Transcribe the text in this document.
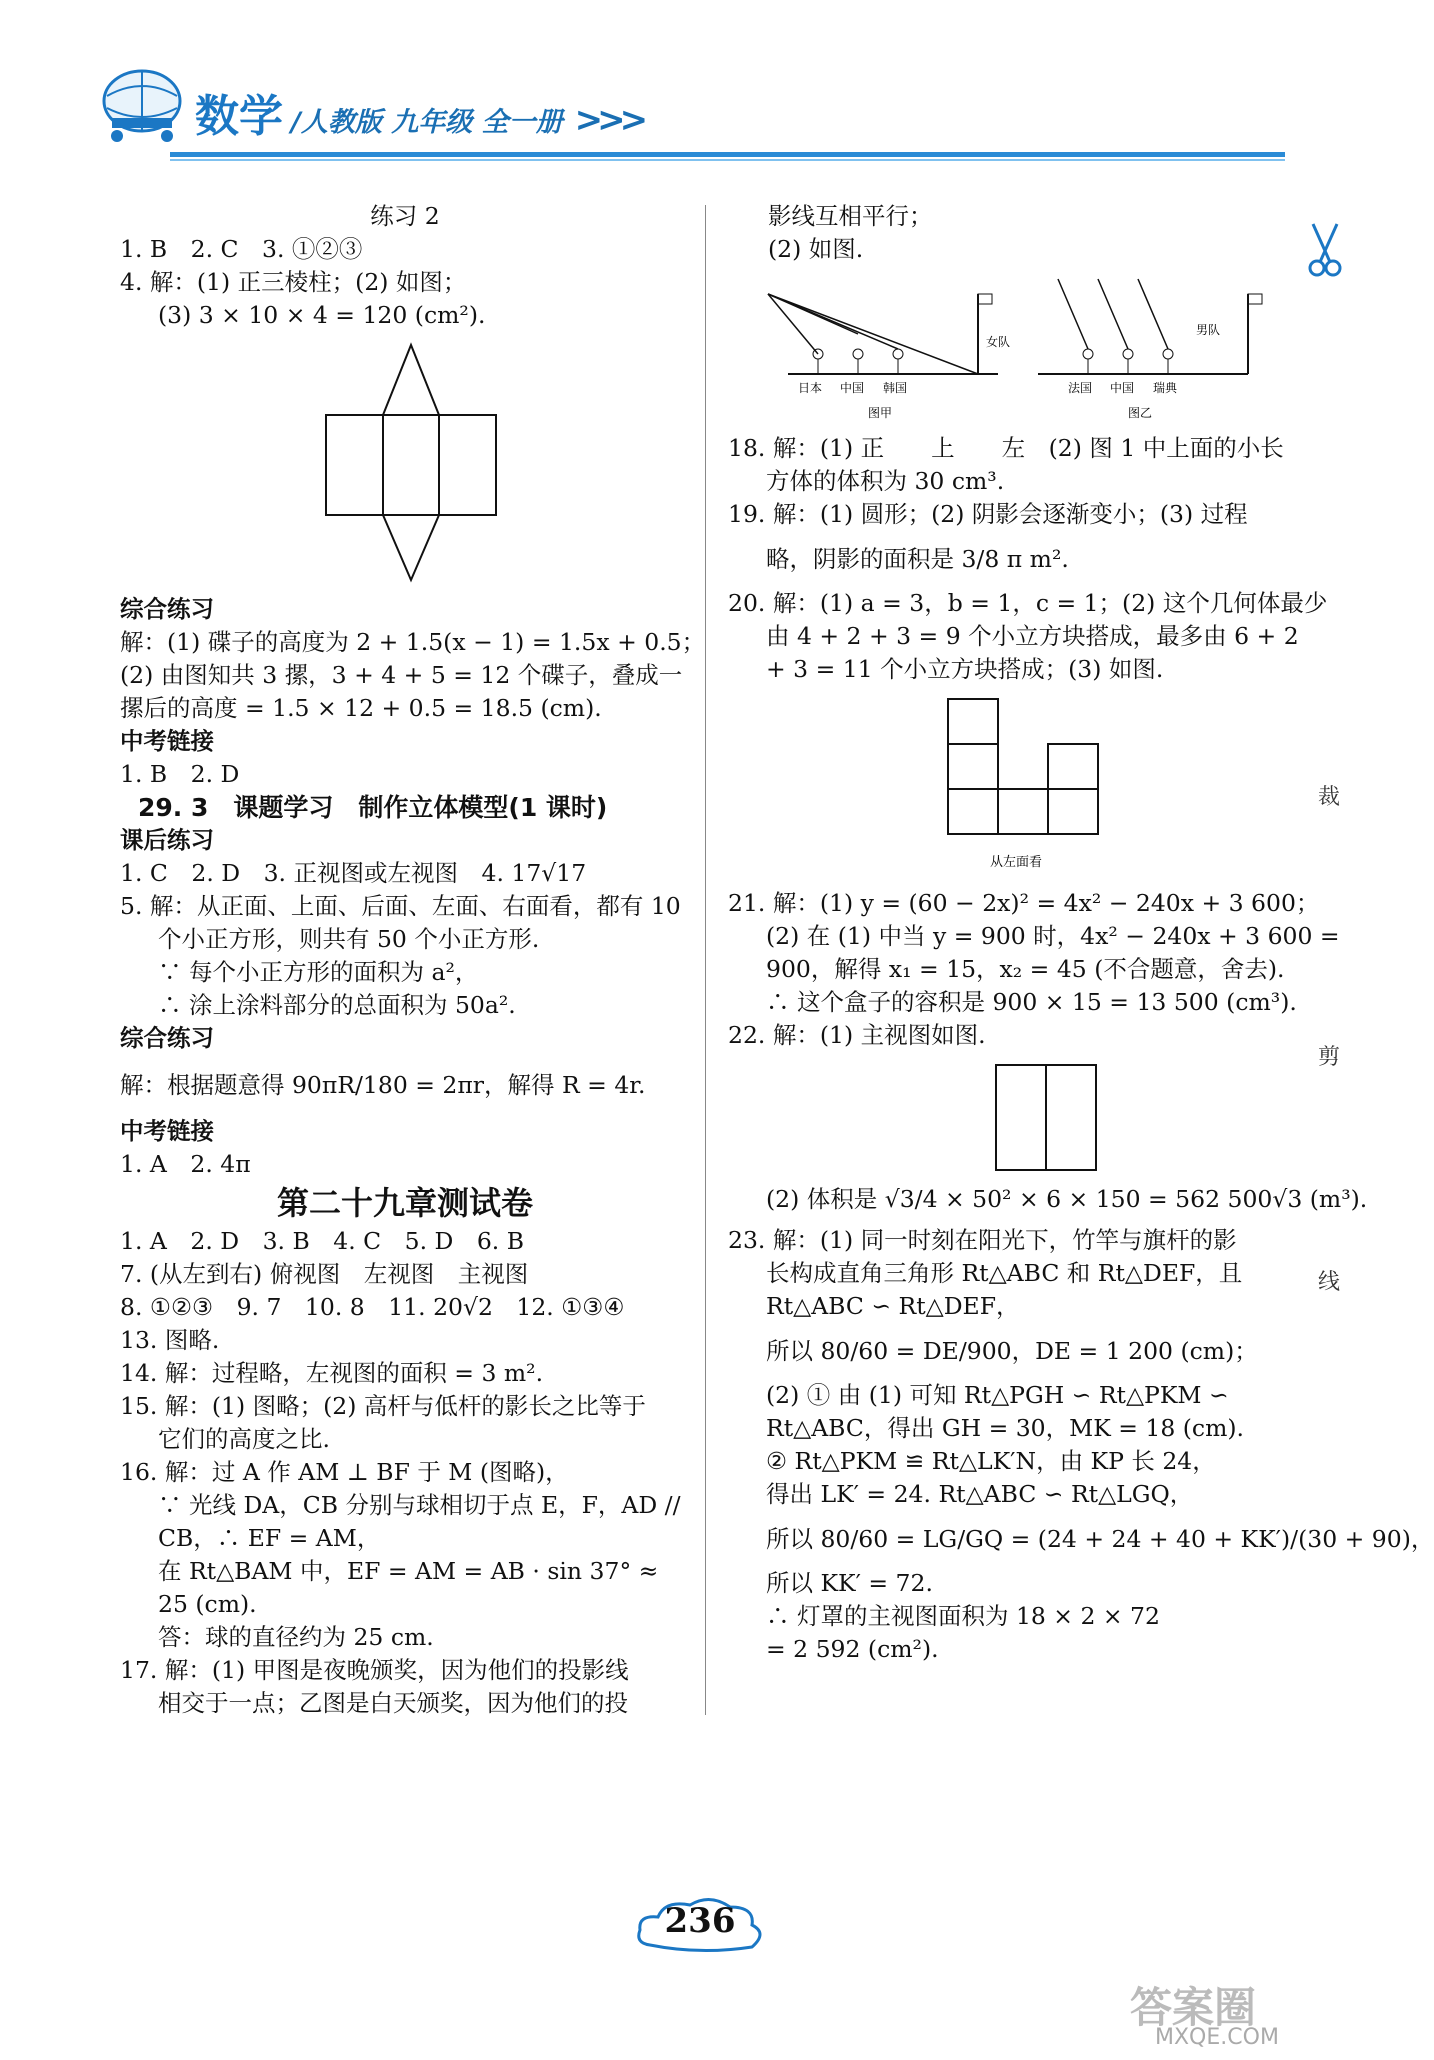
数学 /人教版 九年级 全一册 >>>
裁
剪
线
练习 2
1. B　2. C　3. ①②③
4. 解：(1) 正三棱柱；(2) 如图；
(3) 3 × 10 × 4 = 120 (cm²).
综合练习
解：(1) 碟子的高度为 2 + 1.5(x − 1) = 1.5x + 0.5；
(2) 由图知共 3 摞，3 + 4 + 5 = 12 个碟子，叠成一
摞后的高度 = 1.5 × 12 + 0.5 = 18.5 (cm).
中考链接
1. B　2. D
29. 3　课题学习　制作立体模型(1 课时)
课后练习
1. C　2. D　3. 正视图或左视图　4. 17√17
5. 解：从正面、上面、后面、左面、右面看，都有 10
个小正方形，则共有 50 个小正方形.
∵ 每个小正方形的面积为 a²，
∴ 涂上涂料部分的总面积为 50a².
综合练习
解：根据题意得 90πR/180 = 2πr，解得 R = 4r.
中考链接
1. A　2. 4π
第二十九章测试卷
1. A　2. D　3. B　4. C　5. D　6. B
7. (从左到右) 俯视图　左视图　主视图
8. ①②③　9. 7　10. 8　11. 20√2　12. ①③④
13. 图略.
14. 解：过程略，左视图的面积 = 3 m².
15. 解：(1) 图略；(2) 高杆与低杆的影长之比等于
它们的高度之比.
16. 解：过 A 作 AM ⊥ BF 于 M (图略)，
∵ 光线 DA，CB 分别与球相切于点 E，F，AD //
CB，∴ EF = AM，
在 Rt△BAM 中，EF = AM = AB · sin 37° ≈
25 (cm).
答：球的直径约为 25 cm.
17. 解：(1) 甲图是夜晚颁奖，因为他们的投影线
相交于一点；乙图是白天颁奖，因为他们的投
影线互相平行；
(2) 如图.
女队
日本 中国 韩国
图甲
男队
法国 中国 瑞典
图乙
18. 解：(1) 正　　上　　左　(2) 图 1 中上面的小长
方体的体积为 30 cm³.
19. 解：(1) 圆形；(2) 阴影会逐渐变小；(3) 过程
略，阴影的面积是 3/8 π m².
20. 解：(1) a = 3，b = 1，c = 1；(2) 这个几何体最少
由 4 + 2 + 3 = 9 个小立方块搭成，最多由 6 + 2
+ 3 = 11 个小立方块搭成；(3) 如图.
从左面看
21. 解：(1) y = (60 − 2x)² = 4x² − 240x + 3 600；
(2) 在 (1) 中当 y = 900 时，4x² − 240x + 3 600 =
900，解得 x₁ = 15，x₂ = 45 (不合题意，舍去).
∴ 这个盒子的容积是 900 × 15 = 13 500 (cm³).
22. 解：(1) 主视图如图.
(2) 体积是 √3/4 × 50² × 6 × 150 = 562 500√3 (m³).
23. 解：(1) 同一时刻在阳光下，竹竿与旗杆的影
长构成直角三角形 Rt△ABC 和 Rt△DEF，且
Rt△ABC ∽ Rt△DEF，
所以 80/60 = DE/900，DE = 1 200 (cm)；
(2) ① 由 (1) 可知 Rt△PGH ∽ Rt△PKM ∽
Rt△ABC，得出 GH = 30，MK = 18 (cm).
② Rt△PKM ≌ Rt△LK′N，由 KP 长 24，
得出 LK′ = 24. Rt△ABC ∽ Rt△LGQ，
所以 80/60 = LG/GQ = (24 + 24 + 40 + KK′)/(30 + 90)，
所以 KK′ = 72.
∴ 灯罩的主视图面积为 18 × 2 × 72
= 2 592 (cm²).
236
答案圈
MXQE.COM
